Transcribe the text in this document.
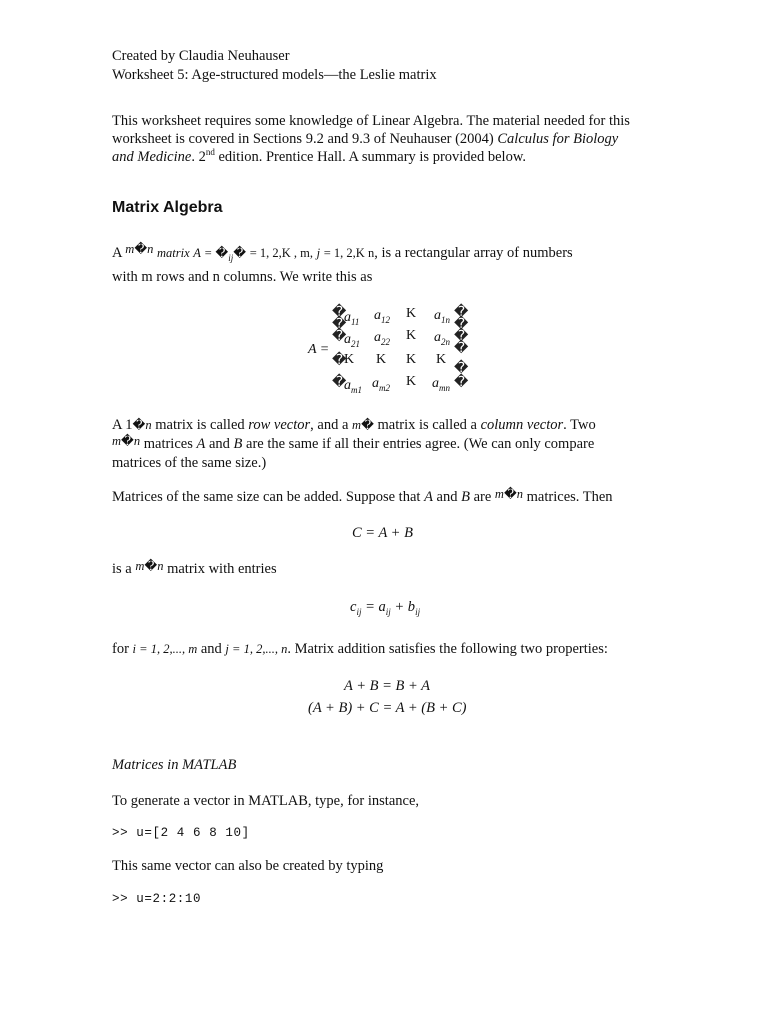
Created by Claudia Neuhauser
Worksheet 5: Age-structured models—the Leslie matrix
This worksheet requires some knowledge of Linear Algebra. The material needed for this
worksheet is covered in Sections 9.2 and 9.3 of Neuhauser (2004) Calculus for Biology
and Medicine. 2nd edition. Prentice Hall. A summary is provided below.
Matrix Algebra
A m�n matrix $A = �_{ij}� = 1$, 2,K , m, j = 1, 2,K n, is a rectangular array of numbers
with m rows and n columns. We write this as
A =
�
�
�
�
�
�
�
�
�
�
�
$a_{11}$ $a_{12}$ K $a_{1n}$
$a_{21}$ $a_{22}$ K $a_{2n}$
K K K K
$a_{m1}$ $a_{m2}$ K $a_{mn}$
A 1�n matrix is called row vector, and a m� matrix is called a column vector. Two
m�n matrices A and B are the same if all their entries agree. (We can only compare
matrices of the same size.)
Matrices of the same size can be added. Suppose that A and B are m�n matrices. Then
C = A + B
is a m�n matrix with entries
$c_{ij} = a_{ij} + b_{ij}$
for i = 1, 2,..., m and j = 1, 2,..., n. Matrix addition satisfies the following two properties:
A + B = B + A
(A + B) + C = A + (B + C)
Matrices in MATLAB
To generate a vector in MATLAB, type, for instance,
>> u=[2 4 6 8 10]
This same vector can also be created by typing
>> u=2:2:10
